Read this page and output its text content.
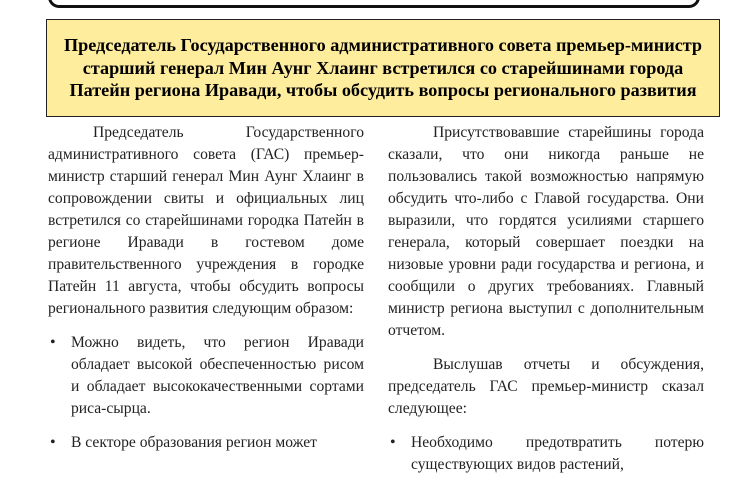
Председатель Государственного административного совета премьер-министр старший генерал Мин Аунг Хлаинг встретился со старейшинами города Патейн региона Иравади, чтобы обсудить вопросы регионального развития

Председатель Государственного административного совета (ГАС) премьер-министр старший генерал Мин Аунг Хлаинг в сопровождении свиты и официальных лиц встретился со старейшинами городка Патейн в регионе Иравади в гостевом доме правительственного учреждения в городке Патейн 11 августа, чтобы обсудить вопросы регионального развития следующим образом:

• Можно видеть, что регион Иравади обладает высокой обеспеченностью рисом и обладает высококачественными сортами риса-сырца.
• В секторе образования регион может

Присутствовавшие старейшины города сказали, что они никогда раньше не пользовались такой возможностью напрямую обсудить что-либо с Главой государства. Они выразили, что гордятся усилиями старшего генерала, который совершает поездки на низовые уровни ради государства и региона, и сообщили о других требованиях. Главный министр региона выступил с дополнительным отчетом.

Выслушав отчеты и обсуждения, председатель ГАС премьер-министр сказал следующее:

• Необходимо предотвратить потерю существующих видов растений,
